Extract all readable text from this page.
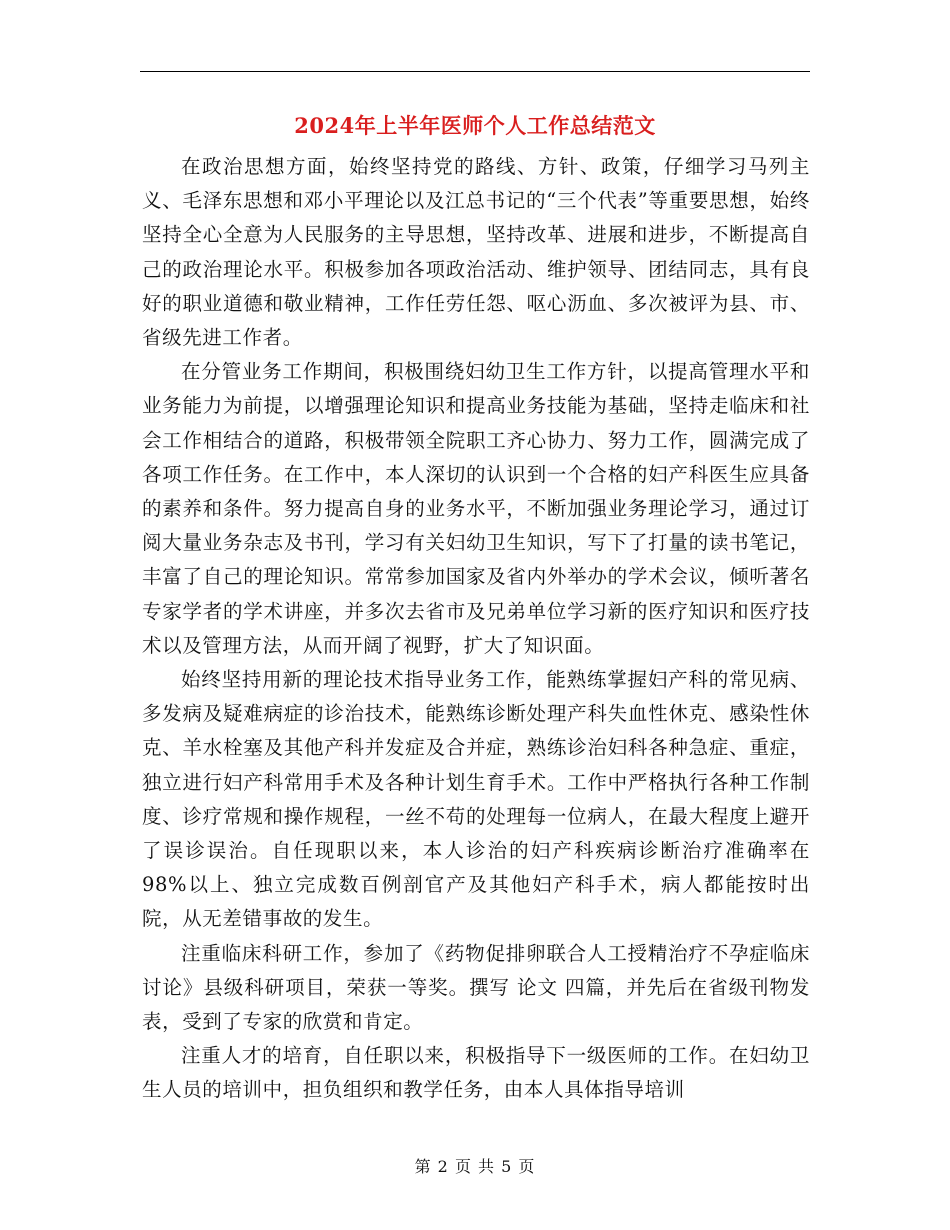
2024年上半年医师个人工作总结范文

在政治思想方面，始终坚持党的路线、方针、政策，仔细学习马列主义、毛泽东思想和邓小平理论以及江总书记的“三个代表”等重要思想，始终坚持全心全意为人民服务的主导思想，坚持改革、进展和进步，不断提高自己的政治理论水平。积极参加各项政治活动、维护领导、团结同志，具有良好的职业道德和敬业精神，工作任劳任怨、呕心沥血、多次被评为县、市、省级先进工作者。

在分管业务工作期间，积极围绕妇幼卫生工作方针，以提高管理水平和业务能力为前提，以增强理论知识和提高业务技能为基础，坚持走临床和社会工作相结合的道路，积极带领全院职工齐心协力、努力工作，圆满完成了各项工作任务。在工作中，本人深切的认识到一个合格的妇产科医生应具备的素养和条件。努力提高自身的业务水平，不断加强业务理论学习，通过订阅大量业务杂志及书刊，学习有关妇幼卫生知识，写下了打量的读书笔记，丰富了自己的理论知识。常常参加国家及省内外举办的学术会议，倾听著名专家学者的学术讲座，并多次去省市及兄弟单位学习新的医疗知识和医疗技术以及管理方法，从而开阔了视野，扩大了知识面。

始终坚持用新的理论技术指导业务工作，能熟练掌握妇产科的常见病、多发病及疑难病症的诊治技术，能熟练诊断处理产科失血性休克、感染性休克、羊水栓塞及其他产科并发症及合并症，熟练诊治妇科各种急症、重症，独立进行妇产科常用手术及各种计划生育手术。工作中严格执行各种工作制度、诊疗常规和操作规程，一丝不苟的处理每一位病人，在最大程度上避开了误诊误治。自任现职以来，本人诊治的妇产科疾病诊断治疗准确率在98%以上、独立完成数百例剖官产及其他妇产科手术，病人都能按时出院，从无差错事故的发生。

注重临床科研工作，参加了《药物促排卵联合人工授精治疗不孕症临床讨论》县级科研项目，荣获一等奖。撰写 论文 四篇，并先后在省级刊物发表，受到了专家的欣赏和肯定。

注重人才的培育，自任职以来，积极指导下一级医师的工作。在妇幼卫生人员的培训中，担负组织和教学任务，由本人具体指导培训

第 2 页 共 5 页
